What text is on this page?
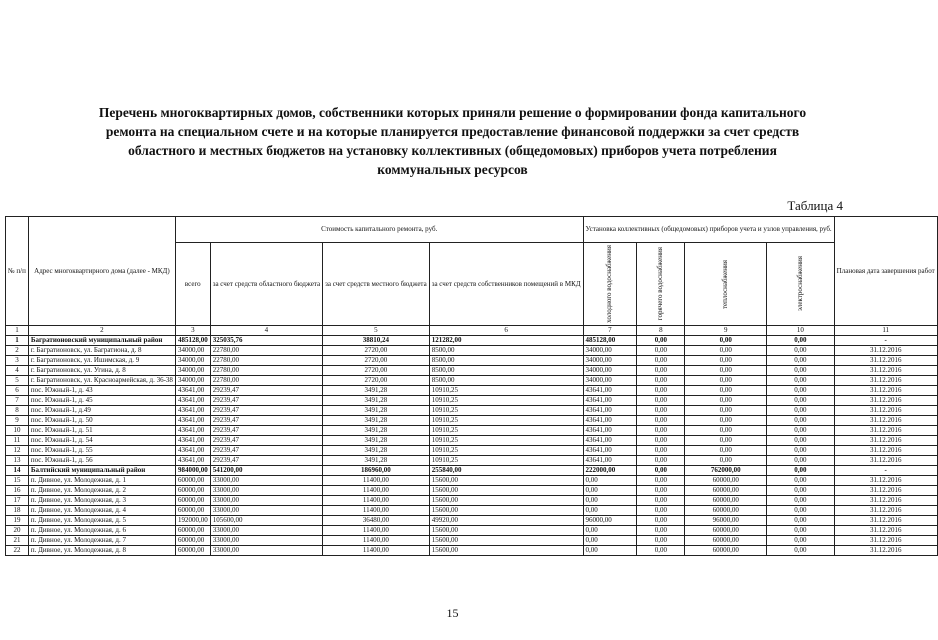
Перечень многоквартирных домов, собственники которых приняли решение о формировании фонда капитального
ремонта на специальном счете и на которые планируется предоставление финансовой поддержки за счет средств
областного и местных бюджетов на установку коллективных (общедомовых) приборов учета потребления
коммунальных ресурсов
Таблица 4
№ п/п	Адрес многоквартирного дома (далее - МКД)	Стоимость капитального ремонта, руб.				Установка коллективных (общедомовых) приборов учета и узлов управления, руб.				Плановая дата завершения работ
		всего	за счет средств областного бюджета	за счет средств местного бюджета	за счет средств собственников помещений в МКД	холодного водоснабжения	горячего водоснабжения	теплоснабжения	электроснабжения	

1	2	3	4	5	6	7	8	9	10	11
1	Багратионовский муниципальный район	485128,00	325035,76	38810,24	121282,00	485128,00	0,00	0,00	0,00	-
2	г. Багратионовск, ул. Багратиона, д. 8	34000,00	22780,00	2720,00	8500,00	34000,00	0,00	0,00	0,00	31.12.2016
3	г. Багратионовск, ул. Ишимская, д. 9	34000,00	22780,00	2720,00	8500,00	34000,00	0,00	0,00	0,00	31.12.2016
4	г. Багратионовск, ул. Угина, д. 8	34000,00	22780,00	2720,00	8500,00	34000,00	0,00	0,00	0,00	31.12.2016
5	г. Багратионовск, ул. Красноармейская, д. 36-38	34000,00	22780,00	2720,00	8500,00	34000,00	0,00	0,00	0,00	31.12.2016
6	пос. Южный-1, д. 43	43641,00	29239,47	3491,28	10910,25	43641,00	0,00	0,00	0,00	31.12.2016
7	пос. Южный-1, д. 45	43641,00	29239,47	3491,28	10910,25	43641,00	0,00	0,00	0,00	31.12.2016
8	пос. Южный-1, д.49	43641,00	29239,47	3491,28	10910,25	43641,00	0,00	0,00	0,00	31.12.2016
9	пос. Южный-1, д. 50	43641,00	29239,47	3491,28	10910,25	43641,00	0,00	0,00	0,00	31.12.2016
10	пос. Южный-1, д. 51	43641,00	29239,47	3491,28	10910,25	43641,00	0,00	0,00	0,00	31.12.2016
11	пос. Южный-1, д. 54	43641,00	29239,47	3491,28	10910,25	43641,00	0,00	0,00	0,00	31.12.2016
12	пос. Южный-1, д. 55	43641,00	29239,47	3491,28	10910,25	43641,00	0,00	0,00	0,00	31.12.2016
13	пос. Южный-1, д. 56	43641,00	29239,47	3491,28	10910,25	43641,00	0,00	0,00	0,00	31.12.2016
14	Балтийский муниципальный район	984000,00	541200,00	186960,00	255840,00	222000,00	0,00	762000,00	0,00	-
15	п. Дивное, ул. Молодежная, д. 1	60000,00	33000,00	11400,00	15600,00	0,00	0,00	60000,00	0,00	31.12.2016
16	п. Дивное, ул. Молодежная, д. 2	60000,00	33000,00	11400,00	15600,00	0,00	0,00	60000,00	0,00	31.12.2016
17	п. Дивное, ул. Молодежная, д. 3	60000,00	33000,00	11400,00	15600,00	0,00	0,00	60000,00	0,00	31.12.2016
18	п. Дивное, ул. Молодежная, д. 4	60000,00	33000,00	11400,00	15600,00	0,00	0,00	60000,00	0,00	31.12.2016
19	п. Дивное, ул. Молодежная, д. 5	192000,00	105600,00	36480,00	49920,00	96000,00	0,00	96000,00	0,00	31.12.2016
20	п. Дивное, ул. Молодежная, д. 6	60000,00	33000,00	11400,00	15600,00	0,00	0,00	60000,00	0,00	31.12.2016
21	п. Дивное, ул. Молодежная, д. 7	60000,00	33000,00	11400,00	15600,00	0,00	0,00	60000,00	0,00	31.12.2016
22	п. Дивное, ул. Молодежная, д. 8	60000,00	33000,00	11400,00	15600,00	0,00	0,00	60000,00	0,00	31.12.2016
15
